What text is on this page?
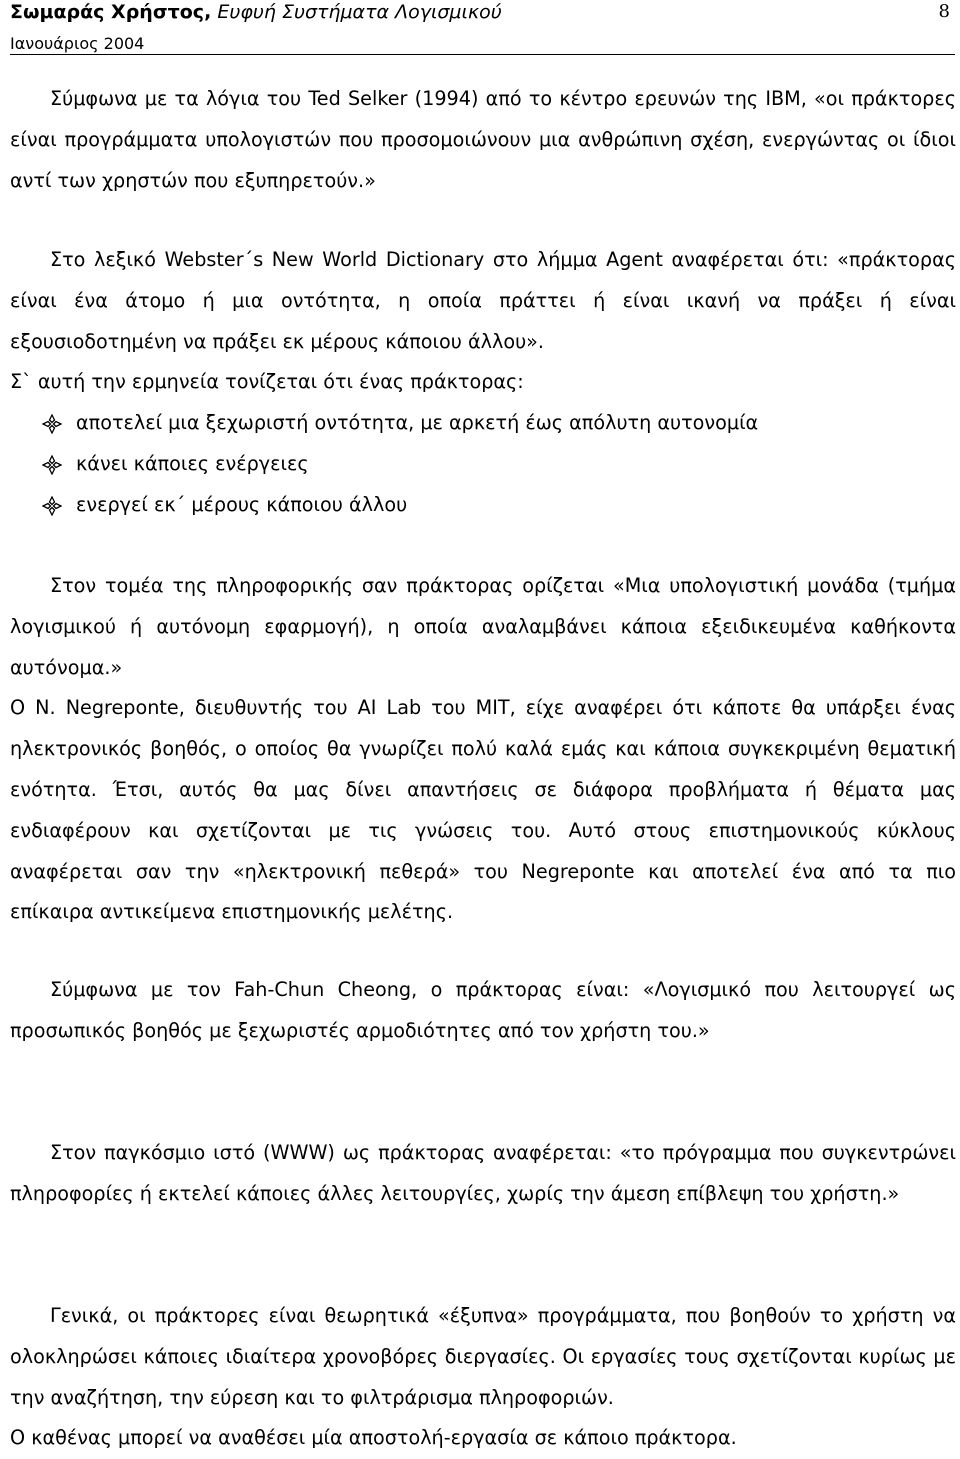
Σωμαράς Χρήστος, Ευφυή Συστήματα Λογισμικού
Ιανουάριος 2004
8

Σύμφωνα με τα λόγια του Ted Selker (1994) από το κέντρο ερευνών της IBM, «οι πράκτορες είναι προγράμματα υπολογιστών που προσομοιώνουν μια ανθρώπινη σχέση, ενεργώντας οι ίδιοι αντί των χρηστών που εξυπηρετούν.»

Στο λεξικό Webster΄s New World Dictionary στο λήμμα Agent αναφέρεται ότι: «πράκτορας είναι ένα άτομο ή μια οντότητα, η οποία πράττει ή είναι ικανή να πράξει ή είναι εξουσιοδοτημένη να πράξει εκ μέρους κάποιου άλλου».

Σ` αυτή την ερμηνεία τονίζεται ότι ένας πράκτορας:

αποτελεί μια ξεχωριστή οντότητα, με αρκετή έως απόλυτη αυτονομία
κάνει κάποιες ενέργειες
ενεργεί εκ΄ μέρους κάποιου άλλου

Στον τομέα της πληροφορικής σαν πράκτορας ορίζεται «Μια υπολογιστική μονάδα (τμήμα λογισμικού ή αυτόνομη εφαρμογή), η οποία αναλαμβάνει κάποια εξειδικευμένα καθήκοντα αυτόνομα.»

Ο Ν. Negreponte, διευθυντής του AI Lab του MIT, είχε αναφέρει ότι κάποτε θα υπάρξει ένας ηλεκτρονικός βοηθός, ο οποίος θα γνωρίζει πολύ καλά εμάς και κάποια συγκεκριμένη θεματική ενότητα. Έτσι, αυτός θα μας δίνει απαντήσεις σε διάφορα προβλήματα ή θέματα μας ενδιαφέρουν και σχετίζονται με τις γνώσεις του. Αυτό στους επιστημονικούς κύκλους αναφέρεται σαν την «ηλεκτρονική πεθερά» του Negreponte και αποτελεί ένα από τα πιο επίκαιρα αντικείμενα επιστημονικής μελέτης.

Σύμφωνα με τον Fah-Chun Cheong, ο πράκτορας είναι: «Λογισμικό που λειτουργεί ως προσωπικός βοηθός με ξεχωριστές αρμοδιότητες από τον χρήστη του.»

Στον παγκόσμιο ιστό (WWW) ως πράκτορας αναφέρεται: «το πρόγραμμα που συγκεντρώνει πληροφορίες ή εκτελεί κάποιες άλλες λειτουργίες, χωρίς την άμεση επίβλεψη του χρήστη.»

Γενικά, οι πράκτορες είναι θεωρητικά «έξυπνα» προγράμματα, που βοηθούν το χρήστη να ολοκληρώσει κάποιες ιδιαίτερα χρονοβόρες διεργασίες. Οι εργασίες τους σχετίζονται κυρίως με την αναζήτηση, την εύρεση και το φιλτράρισμα πληροφοριών.

Ο καθένας μπορεί να αναθέσει μία αποστολή-εργασία σε κάποιο πράκτορα.
